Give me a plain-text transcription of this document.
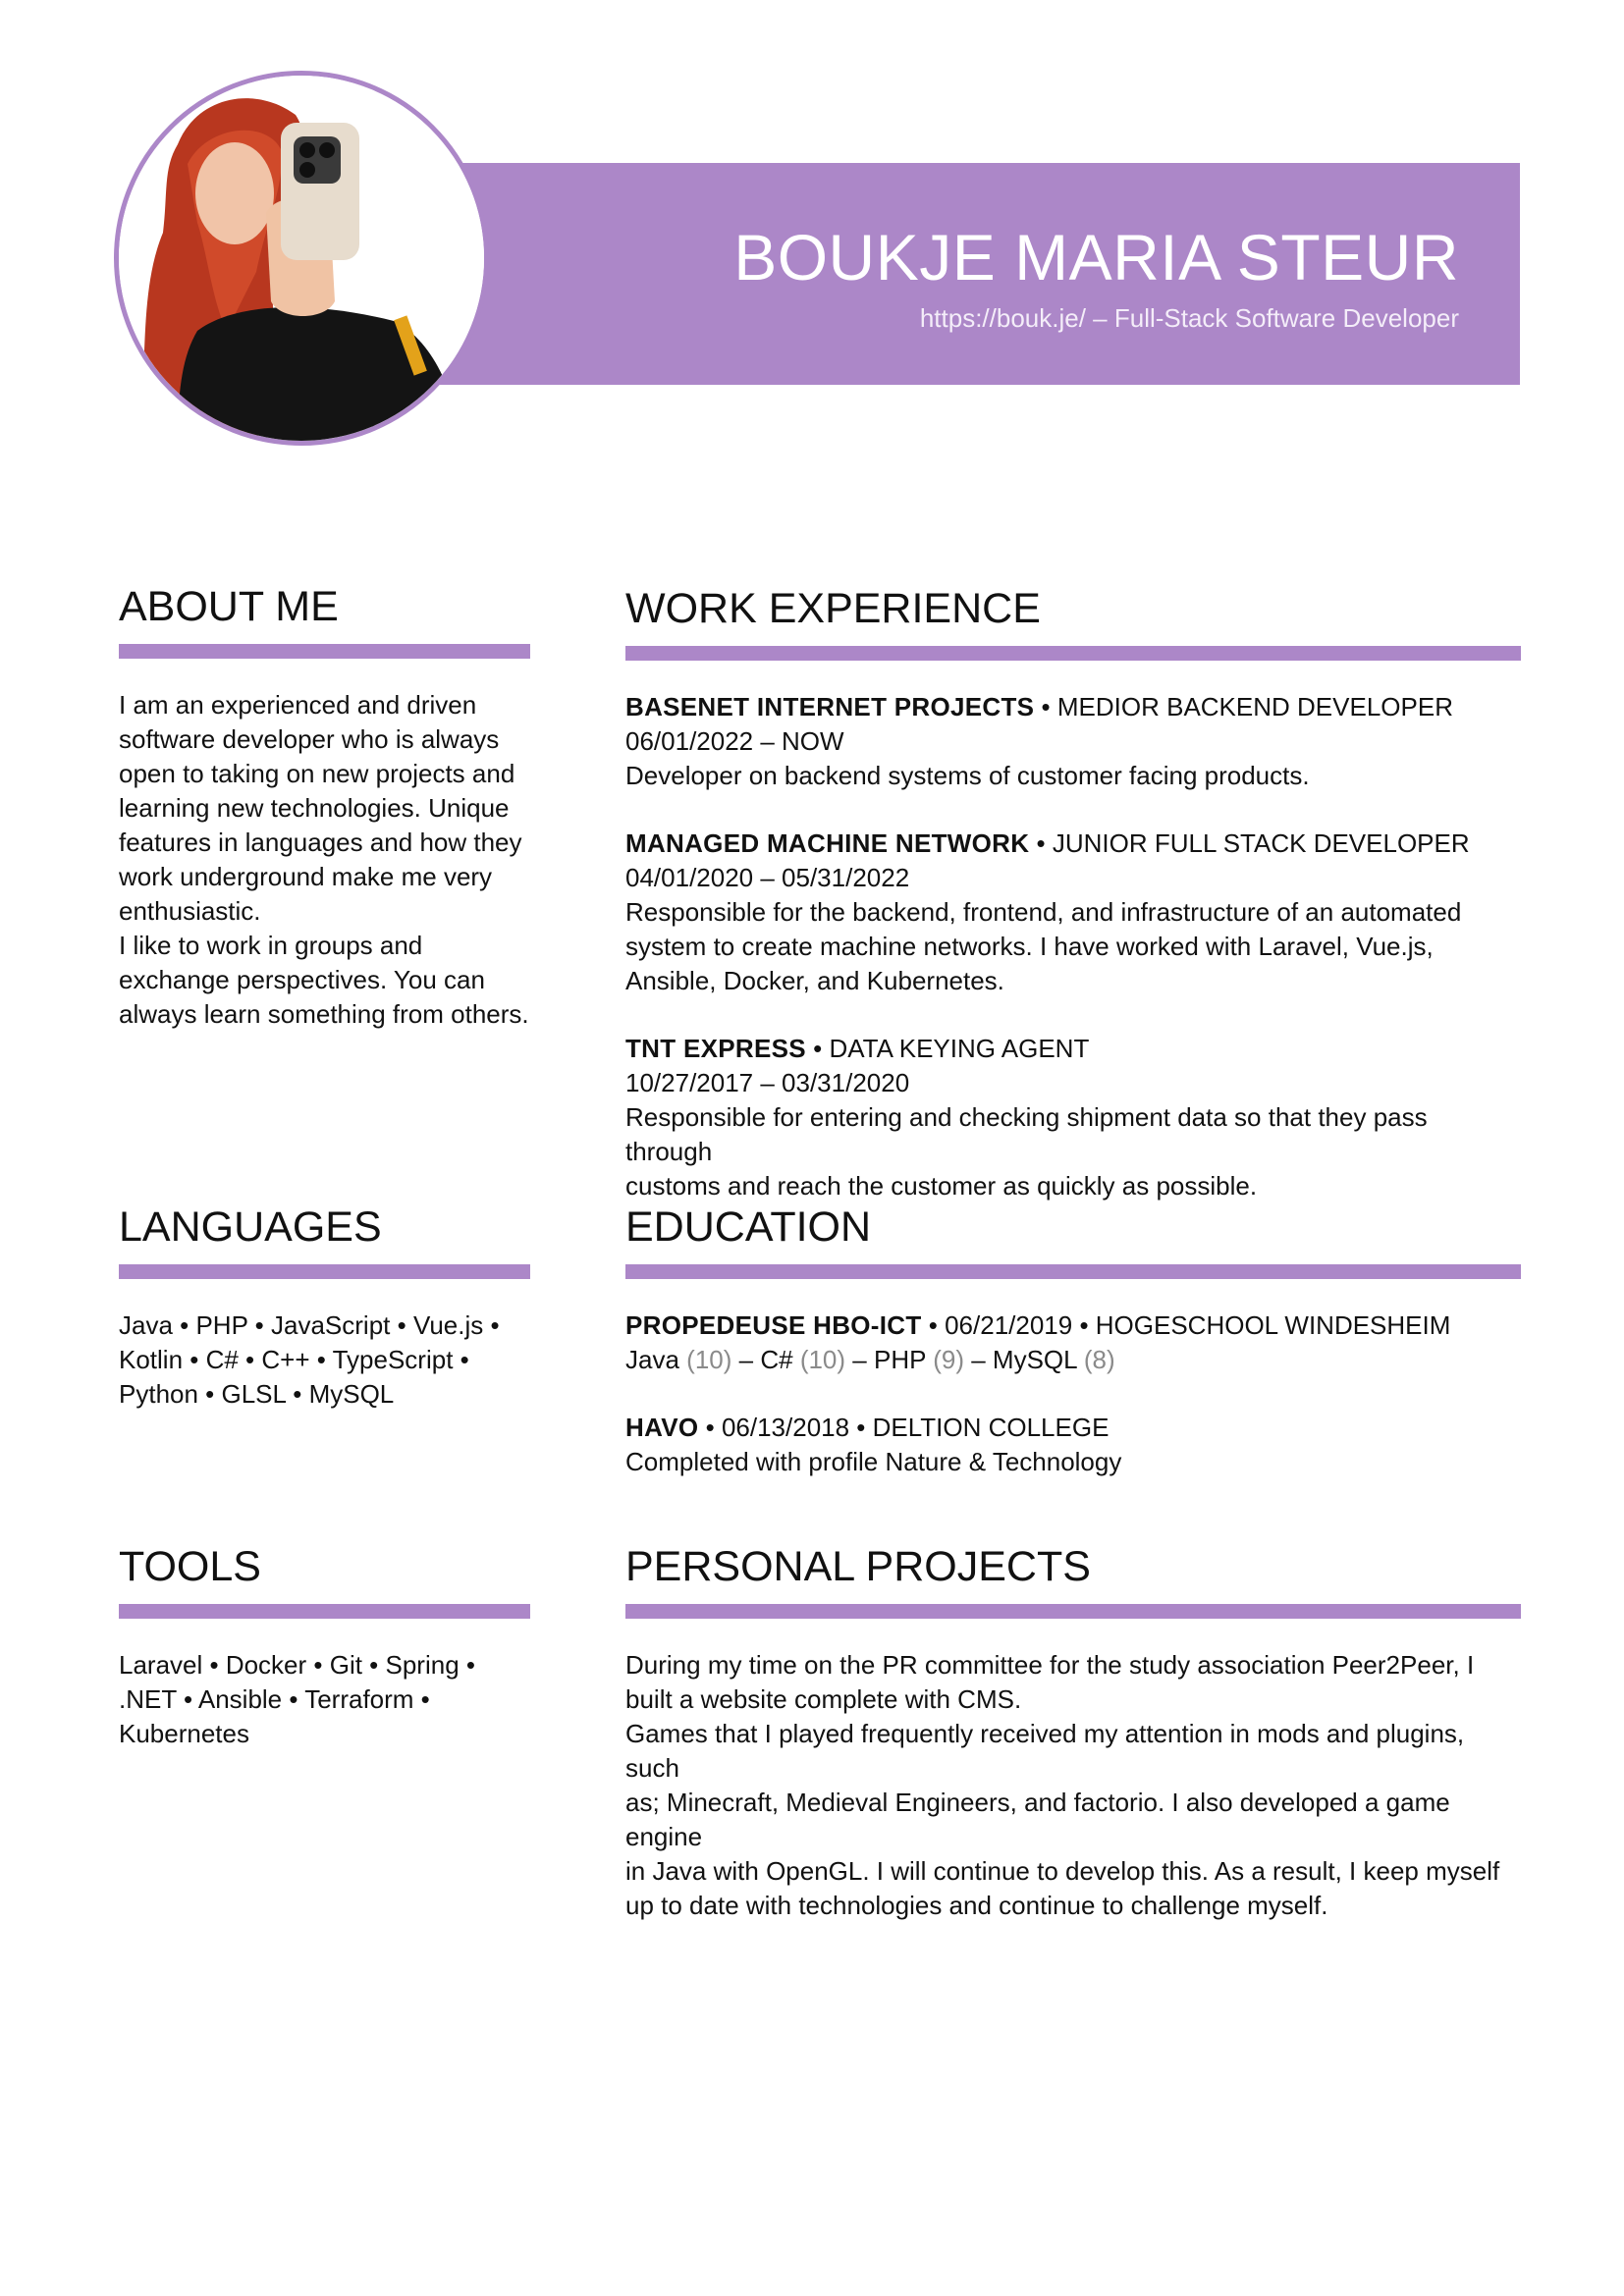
BOUKJE MARIA STEUR
https://bouk.je/ – Full-Stack Software Developer
ABOUT ME

I am an experienced and driven

software developer who is always

open to taking on new projects and

learning new technologies. Unique

features in languages and how they

work underground make me very

enthusiastic.

I like to work in groups and

exchange perspectives. You can

always learn something from others.

LANGUAGES

Java • PHP • JavaScript • Vue.js •

Kotlin • C# • C++ • TypeScript •

Python • GLSL • MySQL

TOOLS

Laravel • Docker • Git • Spring •

.NET • Ansible • Terraform •

Kubernetes

WORK EXPERIENCE

BASENET INTERNET PROJECTS • MEDIOR BACKEND DEVELOPER

06/01/2022 – NOW

Developer on backend systems of customer facing products.

MANAGED MACHINE NETWORK • JUNIOR FULL STACK DEVELOPER

04/01/2020 – 05/31/2022

Responsible for the backend, frontend, and infrastructure of an automated

system to create machine networks. I have worked with Laravel, Vue.js,

Ansible, Docker, and Kubernetes.

TNT EXPRESS • DATA KEYING AGENT

10/27/2017 – 03/31/2020

Responsible for entering and checking shipment data so that they pass through

customs and reach the customer as quickly as possible.

EDUCATION

PROPEDEUSE HBO-ICT • 06/21/2019 • HOGESCHOOL WINDESHEIM

Java (10) – C# (10) – PHP (9) – MySQL (8)

HAVO • 06/13/2018 • DELTION COLLEGE

Completed with profile Nature & Technology

PERSONAL PROJECTS

During my time on the PR committee for the study association Peer2Peer, I

built a website complete with CMS.

Games that I played frequently received my attention in mods and plugins, such

as; Minecraft, Medieval Engineers, and factorio. I also developed a game engine

in Java with OpenGL. I will continue to develop this. As a result, I keep myself

up to date with technologies and continue to challenge myself.
